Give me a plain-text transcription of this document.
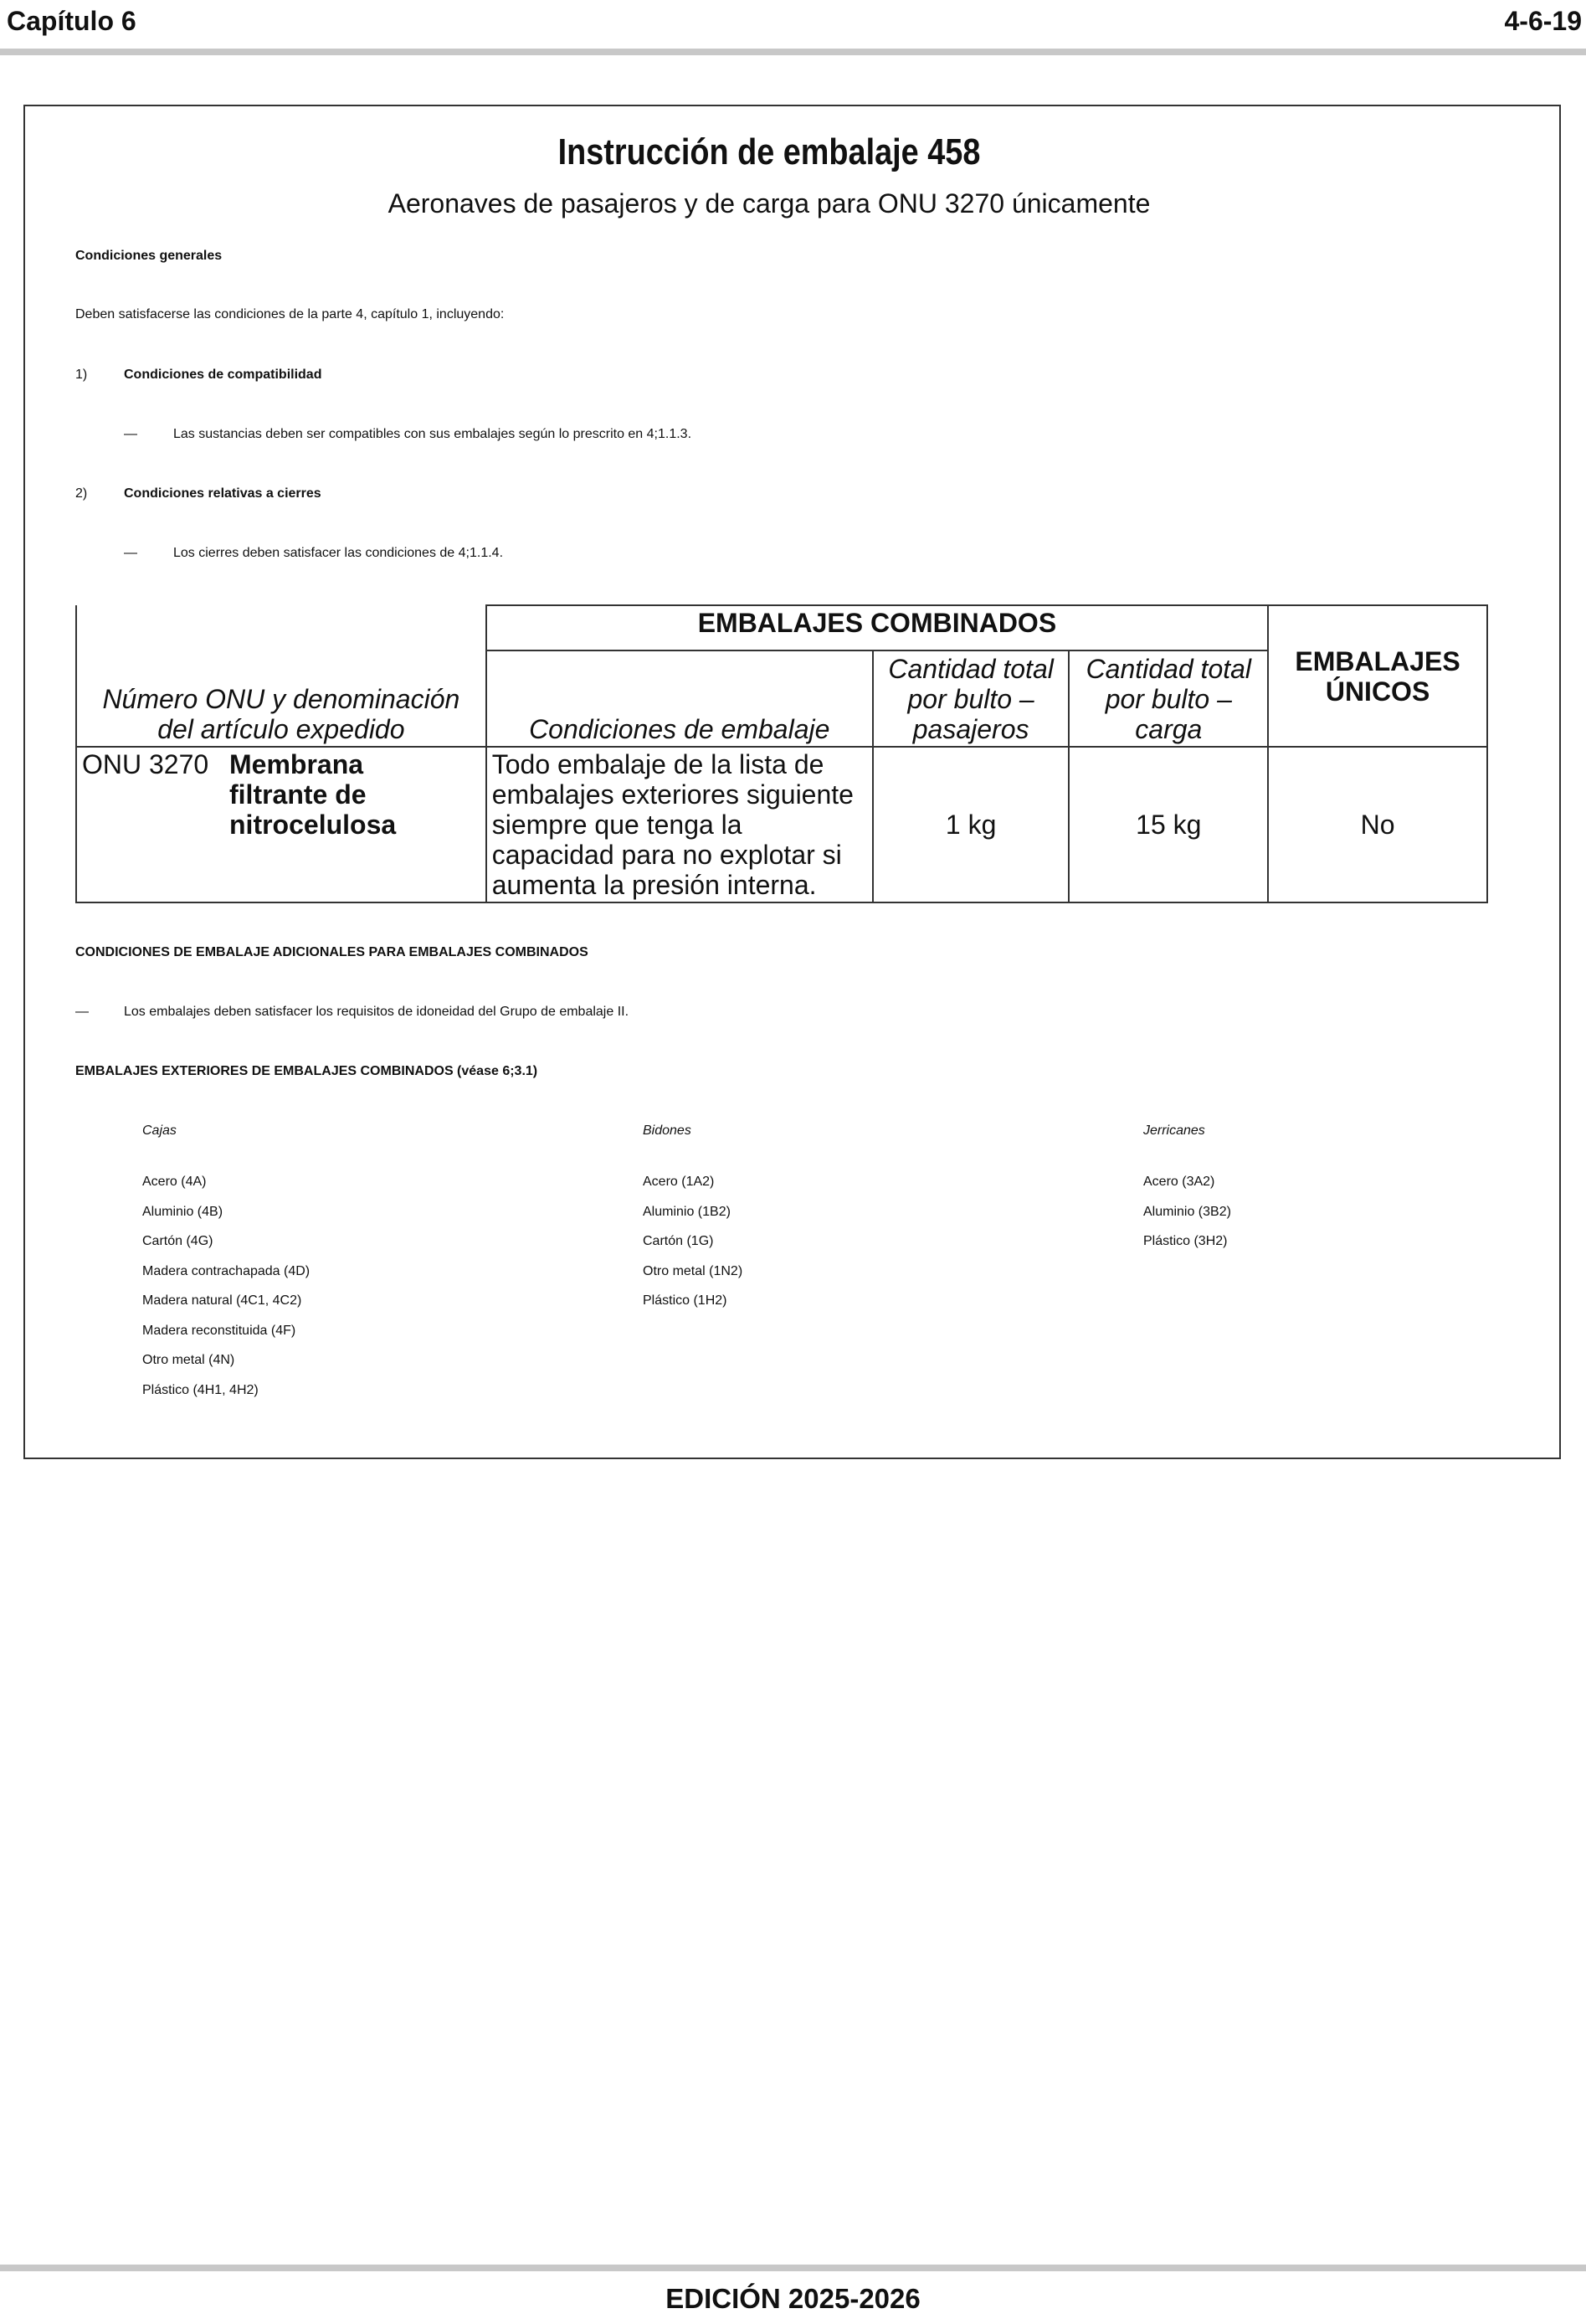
Capítulo 6	4-6-19
Instrucción de embalaje 458
Aeronaves de pasajeros y de carga para ONU 3270 únicamente
Condiciones generales
Deben satisfacerse las condiciones de la parte 4, capítulo 1, incluyendo:
1)	Condiciones de compatibilidad
—	Las sustancias deben ser compatibles con sus embalajes según lo prescrito en 4;1.1.3.
2)	Condiciones relativas a cierres
—	Los cierres deben satisfacer las condiciones de 4;1.1.4.
	EMBALAJES COMBINADOS			EMBALAJES ÚNICOS
Número ONU y denominación del artículo expedido	Condiciones de embalaje	Cantidad total por bulto – pasajeros	Cantidad total por bulto – carga	

ONU 3270 Membrana filtrante de nitrocelulosa	Todo embalaje de la lista de embalajes exteriores siguiente siempre que tenga la capacidad para no explotar si aumenta la presión interna.	1 kg	15 kg	No
CONDICIONES DE EMBALAJE ADICIONALES PARA EMBALAJES COMBINADOS
—	Los embalajes deben satisfacer los requisitos de idoneidad del Grupo de embalaje II.
EMBALAJES EXTERIORES DE EMBALAJES COMBINADOS (véase 6;3.1)
Cajas
Acero (4A)
Aluminio (4B)
Cartón (4G)
Madera contrachapada (4D)
Madera natural (4C1, 4C2)
Madera reconstituida (4F)
Otro metal (4N)
Plástico (4H1, 4H2)
Bidones
Acero (1A2)
Aluminio (1B2)
Cartón (1G)
Otro metal (1N2)
Plástico (1H2)
Jerricanes
Acero (3A2)
Aluminio (3B2)
Plástico (3H2)
EDICIÓN 2025-2026
